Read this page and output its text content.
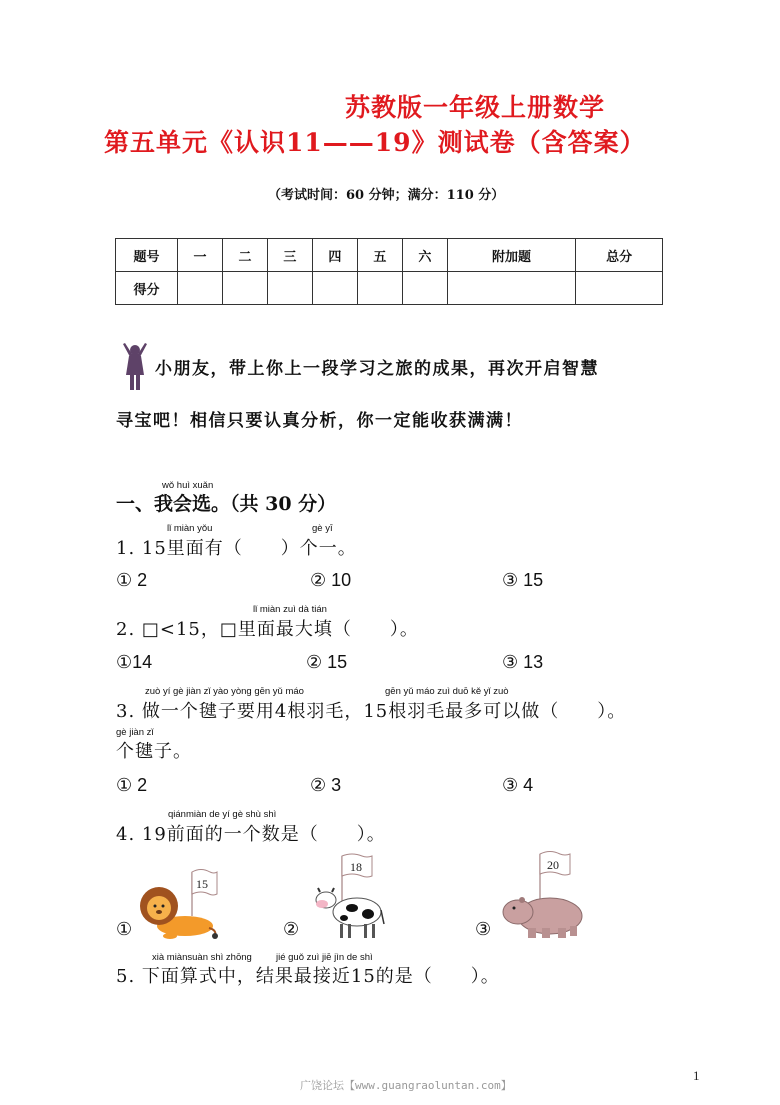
苏教版一年级上册数学
第五单元《认识11——19》测试卷（含答案）
（考试时间：60 分钟；满分：110 分）
题号	一	二	三	四	五	六	附加题	总分
得分								
小朋友，带上你上一段学习之旅的成果，再次开启智慧
寻宝吧！相信只要认真分析，你一定能收获满满！
wǒ huì xuǎn
一、我会选。（共 30 分）
lǐ miàn yǒu	gè yī
1. 15里面有（　　）个一。
① 2	② 10	③ 15
lǐ miàn zuì dà tián
2. □<15，□里面最大填（　　）。
①14	② 15	③ 13
zuò yí gè jiàn zǐ yào yòng gēn yǔ máo	gēn yǔ máo zuì duō kě yǐ zuò
3. 做一个毽子要用4根羽毛，15根羽毛最多可以做（　　）。
gè jiàn zǐ
个毽子。
① 2	② 3	③ 4
qiánmiàn de yí gè shù shì
4. 19前面的一个数是（　　）。
①
15
②
18
③
20
xià miànsuàn shì zhōng	jié guǒ zuì jiē jìn de shì
5. 下面算式中，结果最接近15的是（　　）。
广饶论坛【www.guangraoluntan.com】
1
